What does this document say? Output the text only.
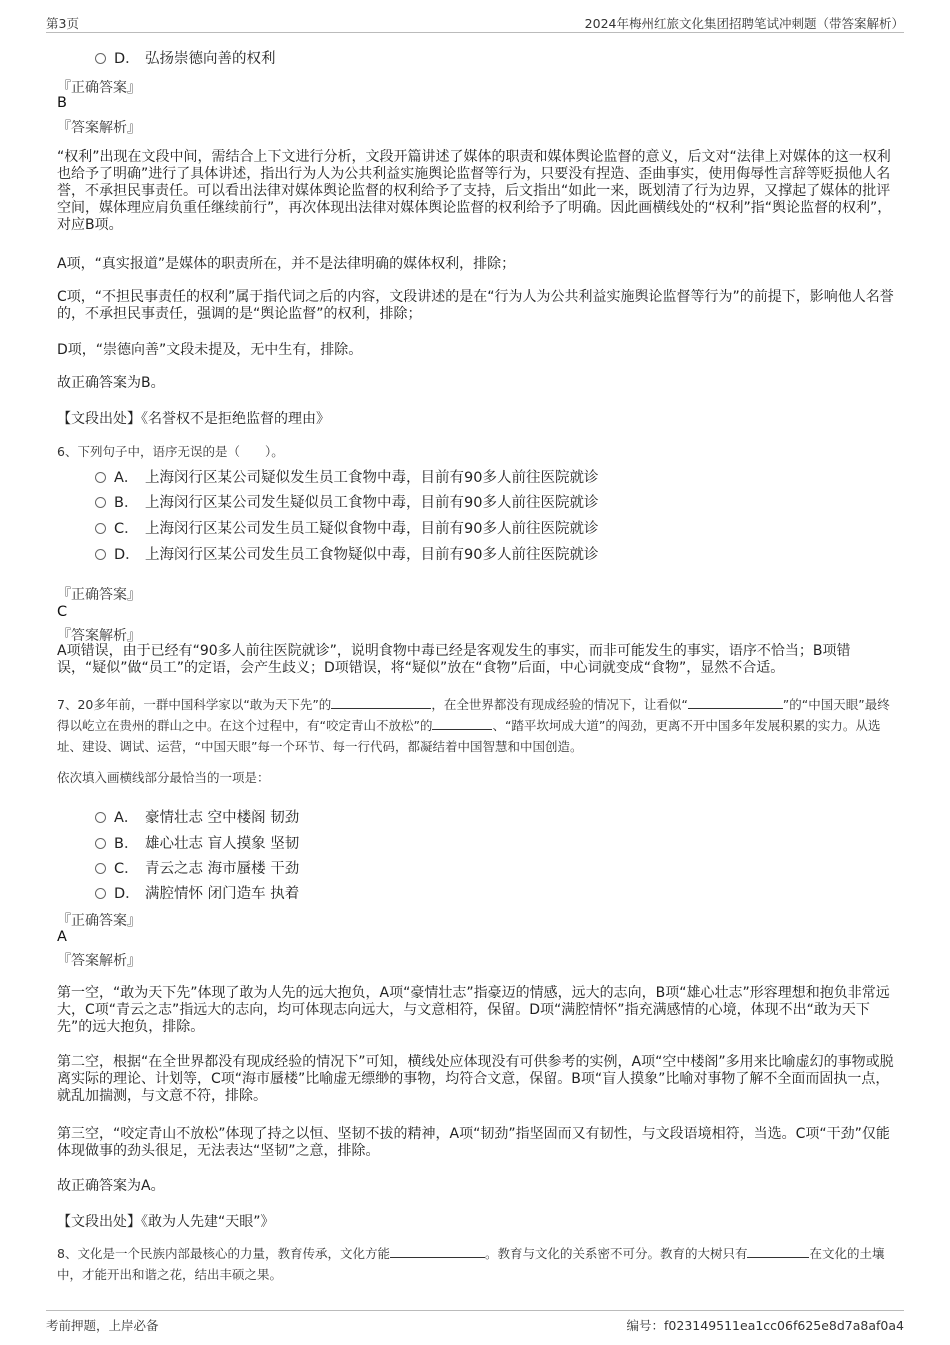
第3页	2024年梅州红旅文化集团招聘笔试冲刺题（带答案解析）
D． 弘扬崇德向善的权利
『正确答案』
B
『答案解析』
“权利”出现在文段中间，需结合上下文进行分析，文段开篇讲述了媒体的职责和媒体舆论监督的意义，后文对“法律上对媒体的这一权利也给予了明确”进行了具体讲述，指出行为人为公共利益实施舆论监督等行为，只要没有捏造、歪曲事实，使用侮辱性言辞等贬损他人名誉，不承担民事责任。可以看出法律对媒体舆论监督的权利给予了支持，后文指出“如此一来，既划清了行为边界，又撑起了媒体的批评空间，媒体理应肩负重任继续前行”，再次体现出法律对媒体舆论监督的权利给予了明确。因此画横线处的“权利”指“舆论监督的权利”，对应B项。
A项，“真实报道”是媒体的职责所在，并不是法律明确的媒体权利，排除；
C项，“不担民事责任的权利”属于指代词之后的内容，文段讲述的是在“行为人为公共利益实施舆论监督等行为”的前提下，影响他人名誉的，不承担民事责任，强调的是“舆论监督”的权利，排除；
D项，“崇德向善”文段未提及，无中生有，排除。
故正确答案为B。
【文段出处】《名誉权不是拒绝监督的理由》
6、下列句子中，语序无误的是（　　）。
A． 上海闵行区某公司疑似发生员工食物中毒，目前有90多人前往医院就诊
B． 上海闵行区某公司发生疑似员工食物中毒，目前有90多人前往医院就诊
C． 上海闵行区某公司发生员工疑似食物中毒，目前有90多人前往医院就诊
D． 上海闵行区某公司发生员工食物疑似中毒，目前有90多人前往医院就诊
『正确答案』
C
『答案解析』
A项错误，由于已经有“90多人前往医院就诊”，说明食物中毒已经是客观发生的事实，而非可能发生的事实，语序不恰当；B项错误，“疑似”做“员工”的定语，会产生歧义；D项错误，将“疑似”放在“食物”后面，中心词就变成“食物”，显然不合适。
7、20多年前，一群中国科学家以“敢为天下先”的	，在全世界都没有现成经验的情况下，让看似“	”的“中国天眼”最终得以屹立在贵州的群山之中。在这个过程中，有“咬定青山不放松”的	、“踏平坎坷成大道”的闯劲，更离不开中国多年发展积累的实力。从选址、建设、调试、运营，“中国天眼”每一个环节、每一行代码，都凝结着中国智慧和中国创造。
依次填入画横线部分最恰当的一项是：
A． 豪情壮志 空中楼阁 韧劲
B． 雄心壮志 盲人摸象 坚韧
C． 青云之志 海市蜃楼 干劲
D． 满腔情怀 闭门造车 执着
『正确答案』
A
『答案解析』
第一空，“敢为天下先”体现了敢为人先的远大抱负，A项“豪情壮志”指豪迈的情感，远大的志向，B项“雄心壮志”形容理想和抱负非常远大，C项“青云之志”指远大的志向，均可体现志向远大，与文意相符，保留。D项“满腔情怀”指充满感情的心境，体现不出“敢为天下先”的远大抱负，排除。
第二空，根据“在全世界都没有现成经验的情况下”可知，横线处应体现没有可供参考的实例，A项“空中楼阁”多用来比喻虚幻的事物或脱离实际的理论、计划等，C项“海市蜃楼”比喻虚无缥缈的事物，均符合文意，保留。B项“盲人摸象”比喻对事物了解不全面而固执一点，就乱加揣测，与文意不符，排除。
第三空，“咬定青山不放松”体现了持之以恒、坚韧不拔的精神，A项“韧劲”指坚固而又有韧性，与文段语境相符，当选。C项“干劲”仅能体现做事的劲头很足，无法表达“坚韧”之意，排除。
故正确答案为A。
【文段出处】《敢为人先建“天眼”》
8、文化是一个民族内部最核心的力量，教育传承，文化方能	。教育与文化的关系密不可分。教育的大树只有	在文化的土壤中，才能开出和谐之花，结出丰硕之果。
考前押题，上岸必备	编号：f023149511ea1cc06f625e8d7a8af0a4
